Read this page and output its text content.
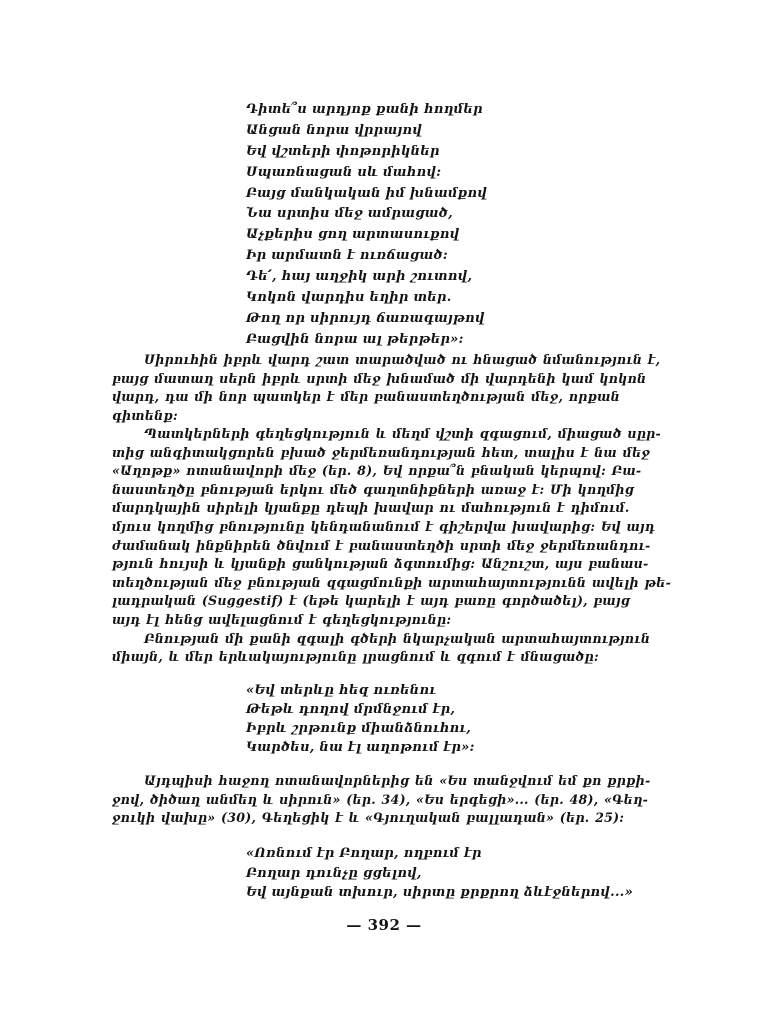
Դիտե՞ս արդյոք քանի հողմեր
Անցան նորա վրրայով
Եվ վշտերի փոթորիկներ
Սպառնացան սև մահով:
Բայց մանկական իմ խնամքով
Նա սրտիս մեջ ամրացած,
Աչքերիս ցող արտասուքով
Իր արմատն է ուռճացած:
Դե՛, հայ աղջիկ արի շուտով,
Կոկոն վարդիս եղիր տեր.
Թող որ սիրույդ ճառագայթով
Բացվին նորա ալ թերթեր»:
Սիրուհին իբրև վարդ շատ տարածված ու հնացած նմանություն է,
բայց մատաղ սերն իբրև սրտի մեջ խնամած մի վարդենի կամ կոկոն
վարդ, դա մի նոր պատկեր է մեր բանաստեղծության մեջ, որքան
գիտենք:
Պատկերների գեղեցկություն և մեղմ վշտի զգացում, միացած սըր-
տից անգիտակցորեն բխած ջերմեռանդության հետ, տալիս է նա մեջ
«Աղոթք» ոտանավորի մեջ (եր. 8), Եվ որքա՞ն բնական կերպով: Բա-
նաստեղծը բնության երկու մեծ գաղտնիքների առաջ է: Մի կողմից
մարդկային սիրելի կյանքը դեպի խավար ու մահություն է դիմում.
մյուս կողմից բնությունը կենդանանում է գիշերվա խավարից: Եվ այդ
ժամանակ ինքնիրեն ծնվում է բանաստեղծի սրտի մեջ ջերմեռանդու-
թյուն հույսի և կյանքի ցանկության ձգտումից: Անշուշտ, այս բանաս-
տեղծության մեջ բնության զգացմունքի արտահայտությունն ավելի թե-
լադրական (Suggestif) է (եթե կարելի է այդ բառը գործածել), բայց
այդ էլ հենց ավելացնում է գեղեցկությունը:
Բնության մի քանի զգալի գծերի նկարչական արտահայտություն
միայն, և մեր երևակայությունը լրացնում և զգում է մնացածը:
«Եվ տերևը հեզ ուռենու
Թեթև դողով մրմնջում էր,
Իբրև շրթունք միանձնուհու,
Կարծես, նա էլ աղոթում էր»:
Այդպիսի հաջող ոտանավորներից են «Ես տանջվում եմ քո քրքի-
ջով, ծիծաղ անմեղ և սիրուն» (եր. 34), «Ես երգեցի»... (եր. 48), «Գեղ-
ջուկի վախը» (30), Գեղեցիկ է և «Գյուղական բալլադան» (եր. 25):
«Ոռնում էր Բողար, ողբում էր
Բողար դունչը ցցելով,
Եվ այնքան տխուր, սիրտը քրքրող ձևէջներով...»
— 392 —
